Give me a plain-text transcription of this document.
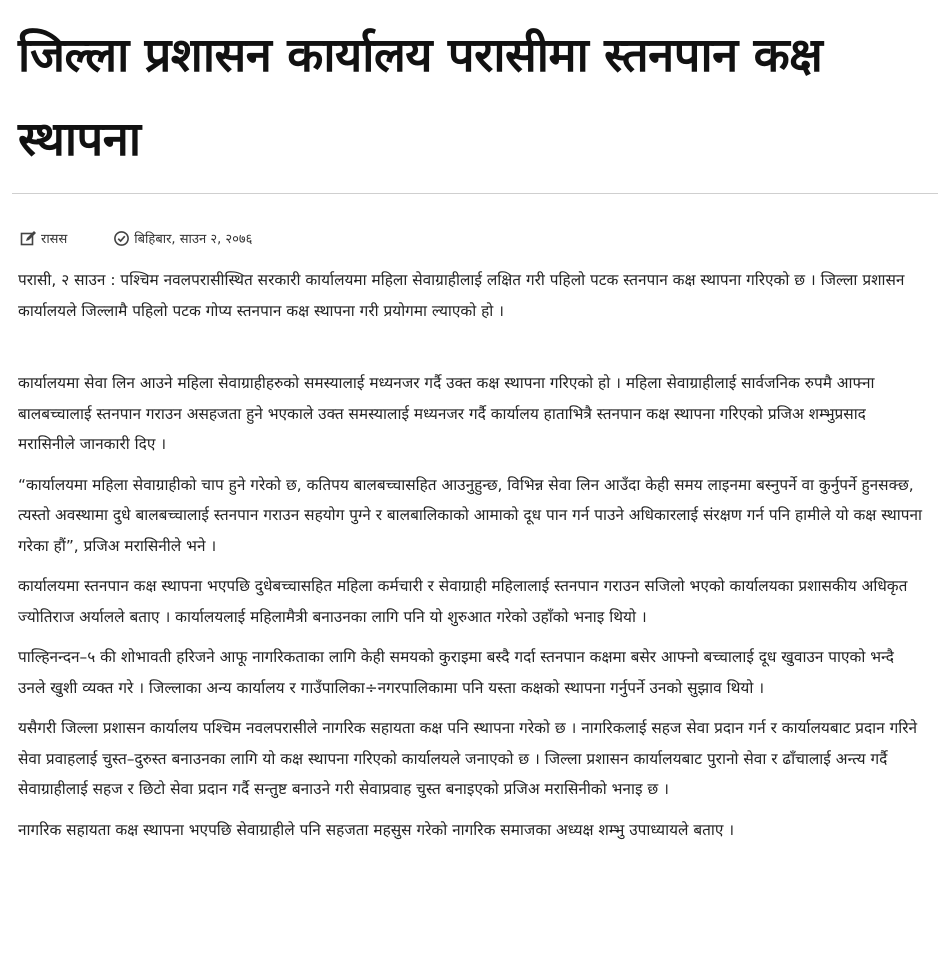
जिल्ला प्रशासन कार्यालय परासीमा स्तनपान कक्ष स्थापना
रासस	बिहिबार, साउन २, २०७६

परासी, २ साउन : पश्चिम नवलपरासीस्थित सरकारी कार्यालयमा महिला सेवाग्राहीलाई लक्षित गरी पहिलो पटक स्तनपान कक्ष स्थापना गरिएको छ । जिल्ला प्रशासन कार्यालयले जिल्लामै पहिलो पटक गोप्य स्तनपान कक्ष स्थापना गरी प्रयोगमा ल्याएको हो ।

कार्यालयमा सेवा लिन आउने महिला सेवाग्राहीहरुको समस्यालाई मध्यनजर गर्दै उक्त कक्ष स्थापना गरिएको हो । महिला सेवाग्राहीलाई सार्वजनिक रुपमै आफ्ना बालबच्चालाई स्तनपान गराउन असहजता हुने भएकाले उक्त समस्यालाई मध्यनजर गर्दै कार्यालय हाताभित्रै स्तनपान कक्ष स्थापना गरिएको प्रजिअ शम्भुप्रसाद मरासिनीले जानकारी दिए ।

“कार्यालयमा महिला सेवाग्राहीको चाप हुने गरेको छ, कतिपय बालबच्चासहित आउनुहुन्छ, विभिन्न सेवा लिन आउँदा केही समय लाइनमा बस्नुपर्ने वा कुर्नुपर्ने हुनसक्छ, त्यस्तो अवस्थामा दुधे बालबच्चालाई स्तनपान गराउन सहयोग पुग्ने र बालबालिकाको आमाको दूध पान गर्न पाउने अधिकारलाई संरक्षण गर्न पनि हामीले यो कक्ष स्थापना गरेका हौं”, प्रजिअ मरासिनीले भने ।

कार्यालयमा स्तनपान कक्ष स्थापना भएपछि दुधेबच्चासहित महिला कर्मचारी र सेवाग्राही महिलालाई स्तनपान गराउन सजिलो भएको कार्यालयका प्रशासकीय अधिकृत ज्योतिराज अर्यालले बताए । कार्यालयलाई महिलामैत्री बनाउनका लागि पनि यो शुरुआत गरेको उहाँको भनाइ थियो ।

पाल्हिनन्दन–५ की शोभावती हरिजने आफू नागरिकताका लागि केही समयको कुराइमा बस्दै गर्दा स्तनपान कक्षमा बसेर आफ्नो बच्चालाई दूध खुवाउन पाएको भन्दै उनले खुशी व्यक्त गरे । जिल्लाका अन्य कार्यालय र गाउँपालिका÷नगरपालिकामा पनि यस्ता कक्षको स्थापना गर्नुपर्ने उनको सुझाव थियो ।

यसैगरी जिल्ला प्रशासन कार्यालय पश्चिम नवलपरासीले नागरिक सहायता कक्ष पनि स्थापना गरेको छ । नागरिकलाई सहज सेवा प्रदान गर्न र कार्यालयबाट प्रदान गरिने सेवा प्रवाहलाई चुस्त–दुरुस्त बनाउनका लागि यो कक्ष स्थापना गरिएको कार्यालयले जनाएको छ । जिल्ला प्रशासन कार्यालयबाट पुरानो सेवा र ढाँचालाई अन्त्य गर्दै सेवाग्राहीलाई सहज र छिटो सेवा प्रदान गर्दै सन्तुष्ट बनाउने गरी सेवाप्रवाह चुस्त बनाइएको प्रजिअ मरासिनीको भनाइ छ ।

नागरिक सहायता कक्ष स्थापना भएपछि सेवाग्राहीले पनि सहजता महसुस गरेको नागरिक समाजका अध्यक्ष शम्भु उपाध्यायले बताए ।
